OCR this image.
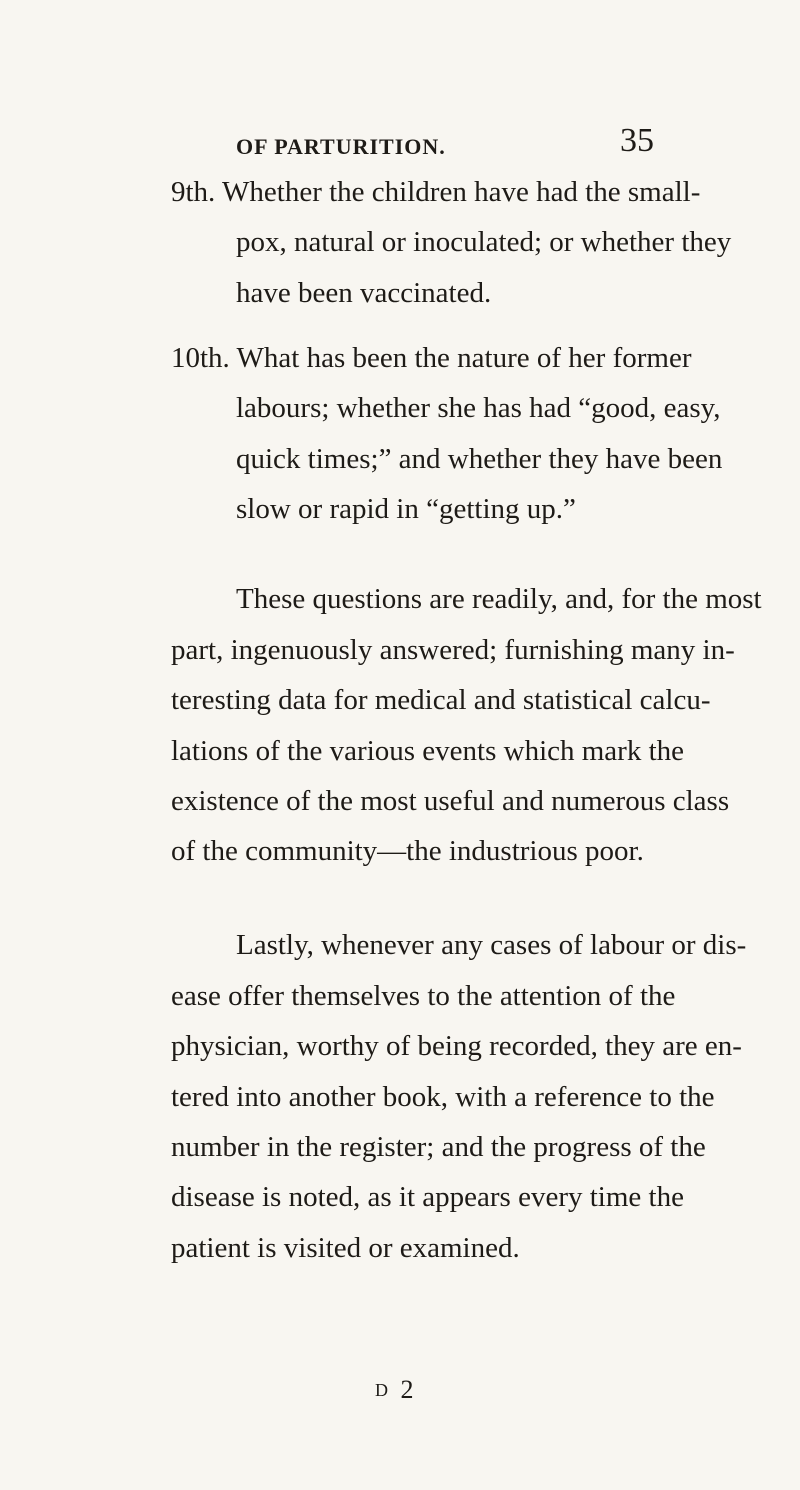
OF PARTURITION.	35
9th. Whether the children have had the small-
pox, natural or inoculated; or whether they
have been vaccinated.
10th. What has been the nature of her former
labours; whether she has had “good, easy,
quick times;” and whether they have been
slow or rapid in “getting up.”
These questions are readily, and, for the most
part, ingenuously answered; furnishing many in-
teresting data for medical and statistical calcu-
lations of the various events which mark the
existence of the most useful and numerous class
of the community—the industrious poor.
Lastly, whenever any cases of labour or dis-
ease offer themselves to the attention of the
physician, worthy of being recorded, they are en-
tered into another book, with a reference to the
number in the register; and the progress of the
disease is noted, as it appears every time the
patient is visited or examined.
D 2
